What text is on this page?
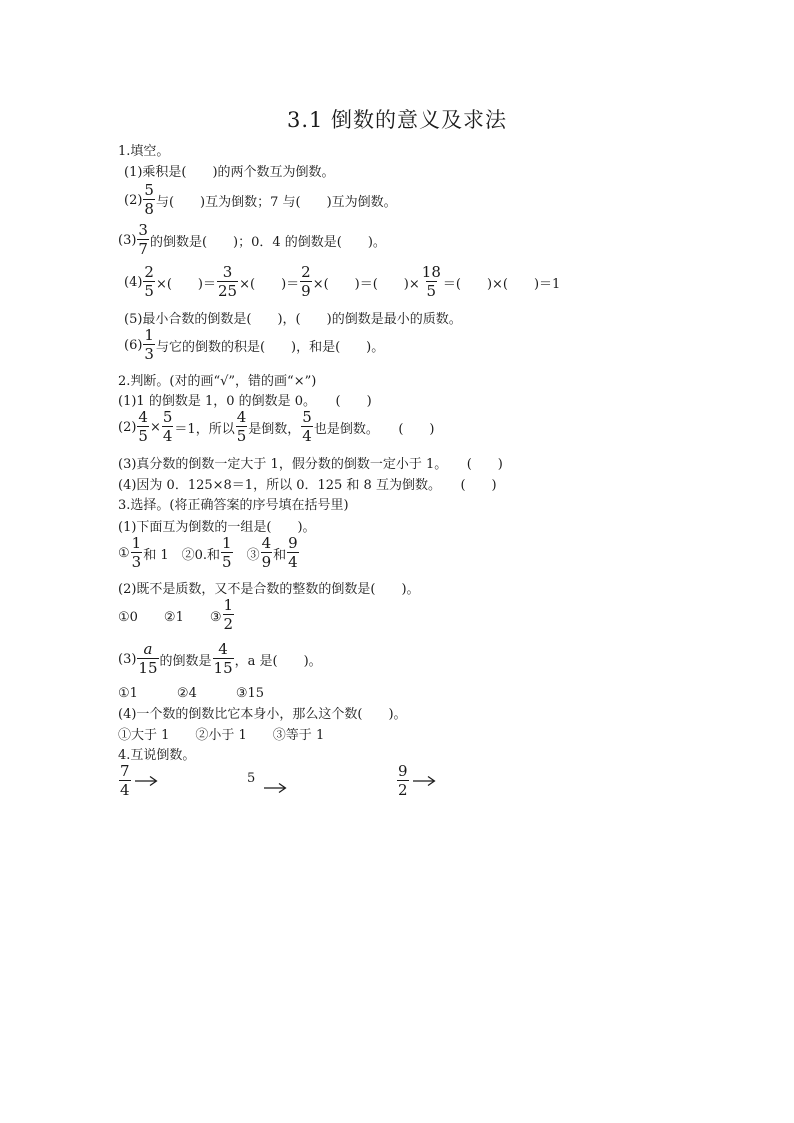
3.1 倒数的意义及求法
1.填空。
(1)乘积是(　　)的两个数互为倒数。
$(2) \frac{5}{8}$ 与(　　)互为倒数；7 与(　　)互为倒数。
$(3) \frac{3}{7}$ 的倒数是(　　)；0．4 的倒数是(　　)。
$(4) \frac{2}{5}$ ×(　　)＝ $\frac{3}{25}$ ×(　　)＝ $\frac{2}{9}$ ×(　　)＝(　　)× $\frac{18}{5}$ ＝(　　)×(　　)＝1
(5)最小合数的倒数是(　　)，(　　)的倒数是最小的质数。
$(6) \frac{1}{3}$ 与它的倒数的积是(　　)，和是(　　)。
2.判断。(对的画“√”，错的画“×”)
(1)1 的倒数是 1，0 的倒数是 0。　　(　　)
$(2) \frac{4}{5} \times \frac{5}{4} =1$，所以 $\frac{4}{5}$ 是倒数， $\frac{5}{4}$ 也是倒数。　　(　　)
(3)真分数的倒数一定大于 1，假分数的倒数一定小于 1。　　(　　)
(4)因为 0．125×8＝1，所以 0．125 和 8 互为倒数。　　(　　)
3.选择。(将正确答案的序号填在括号里)
(1)下面互为倒数的一组是(　　)。
① $\frac{1}{3}$ 和 1　②0.和 $\frac{1}{5}$ 　③ $\frac{4}{9}$ 和 $\frac{9}{4}$
(2)既不是质数，又不是合数的整数的倒数是(　　)。
①0　　②1　　③ $\frac{1}{2}$
$(3) \frac{a}{15}$ 的倒数是 $\frac{4}{15}$ ，a 是(　　)。
①1　　　②4　　　③15
(4)一个数的倒数比它本身小，那么这个数(　　)。
①大于 1　　②小于 1　　③等于 1
4.互说倒数。
$\frac{7}{4}$	5	$\frac{9}{2}$
